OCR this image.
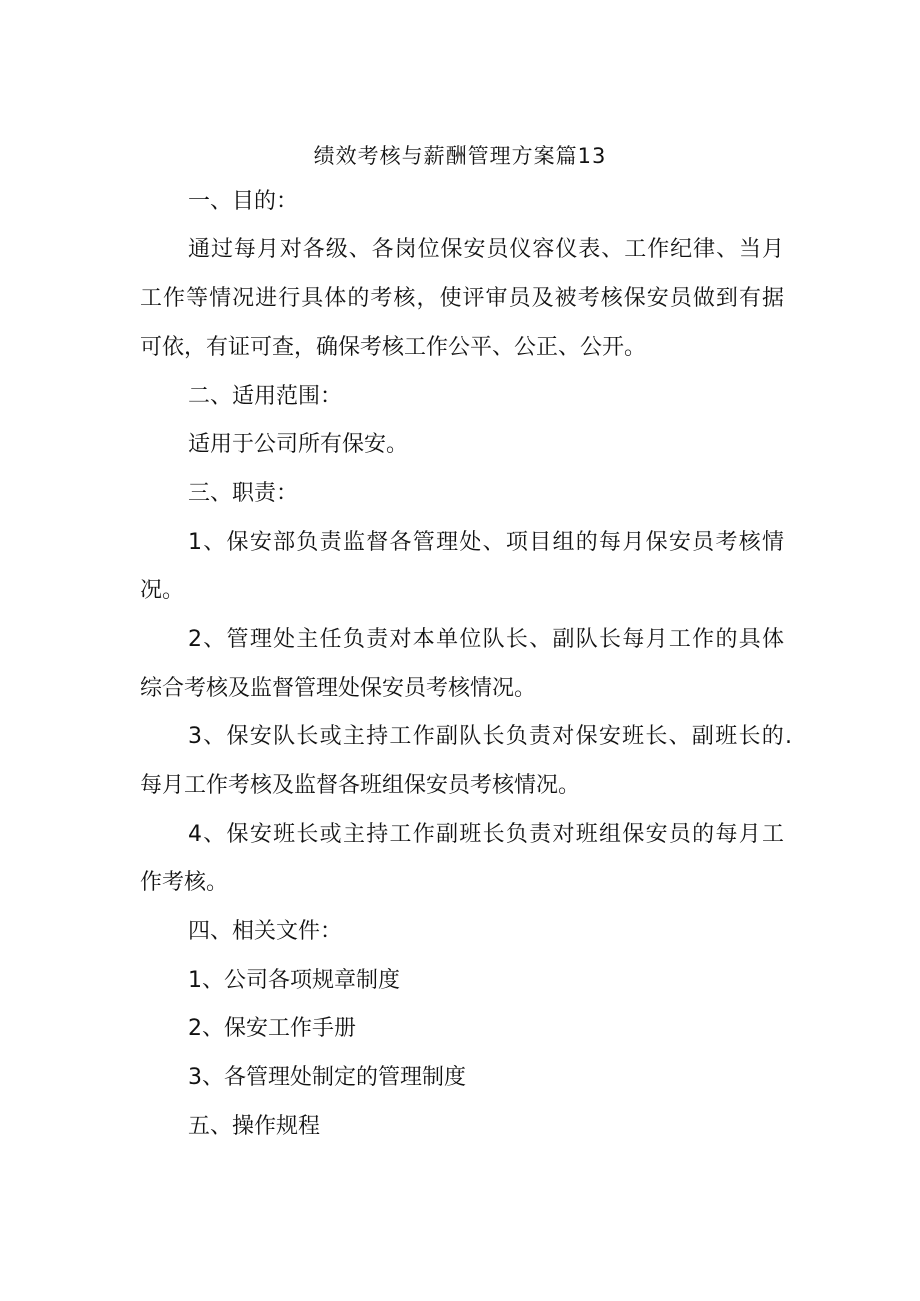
绩效考核与薪酬管理方案篇13
一、目的：
通过每月对各级、各岗位保安员仪容仪表、工作纪律、当月
工作等情况进行具体的考核，使评审员及被考核保安员做到有据
可依，有证可查，确保考核工作公平、公正、公开。
二、适用范围：
适用于公司所有保安。
三、职责：
1、保安部负责监督各管理处、项目组的每月保安员考核情
况。
2、管理处主任负责对本单位队长、副队长每月工作的具体
综合考核及监督管理处保安员考核情况。
3、保安队长或主持工作副队长负责对保安班长、副班长的.
每月工作考核及监督各班组保安员考核情况。
4、保安班长或主持工作副班长负责对班组保安员的每月工
作考核。
四、相关文件：
1、公司各项规章制度
2、保安工作手册
3、各管理处制定的管理制度
五、操作规程
